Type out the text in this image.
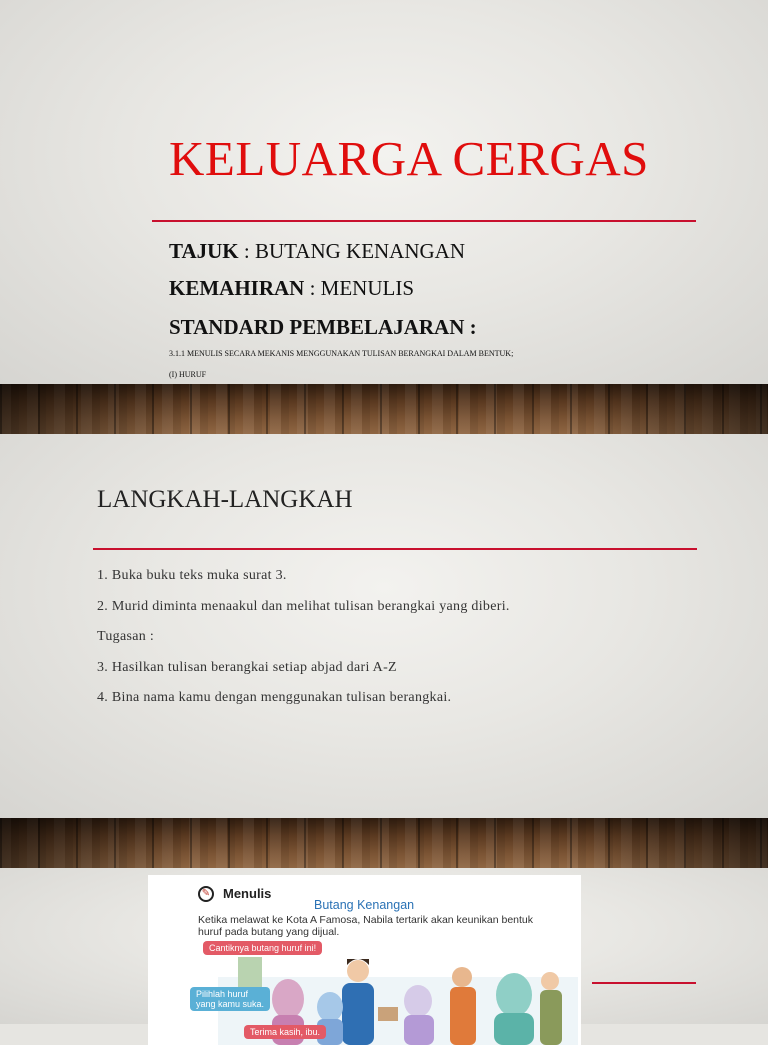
KELUARGA CERGAS
TAJUK : BUTANG KENANGAN
KEMAHIRAN : MENULIS
STANDARD PEMBELAJARAN :
3.1.1 MENULIS SECARA MEKANIS MENGGUNAKAN TULISAN BERANGKAI DALAM BENTUK;
(I) HURUF
LANGKAH-LANGKAH
1. Buka buku teks muka surat 3.
2. Murid diminta menaakul dan melihat tulisan berangkai yang diberi.
Tugasan :
3. Hasilkan tulisan berangkai setiap abjad dari A-Z
4. Bina nama kamu dengan menggunakan tulisan berangkai.
✎ Menulis
Butang Kenangan
Ketika melawat ke Kota A Famosa, Nabila tertarik akan keunikan bentuk huruf pada butang yang dijual.
Cantiknya butang huruf ini!
Pilihlah huruf
yang kamu suka.
Terima kasih, ibu.
